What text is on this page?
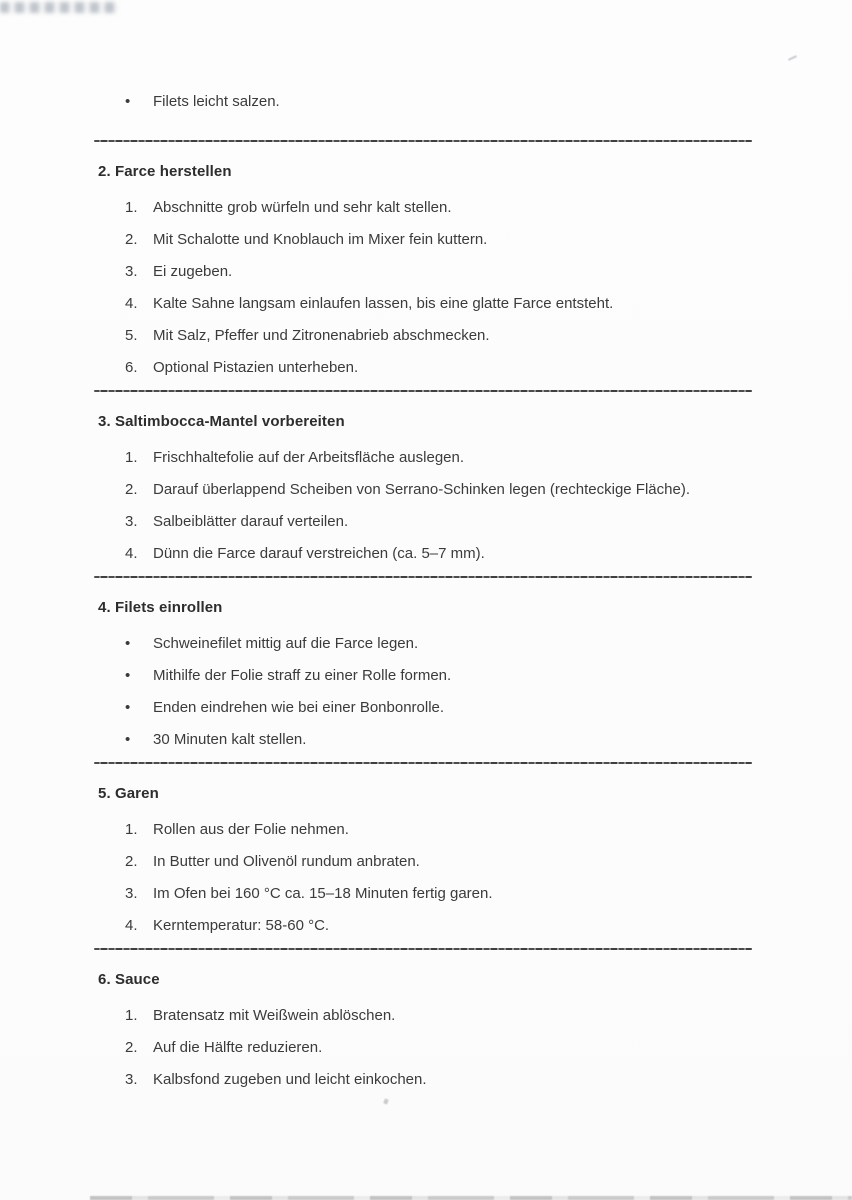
•	Filets leicht salzen.
2. Farce herstellen
1.	Abschnitte grob würfeln und sehr kalt stellen.
2.	Mit Schalotte und Knoblauch im Mixer fein kuttern.
3.	Ei zugeben.
4.	Kalte Sahne langsam einlaufen lassen, bis eine glatte Farce entsteht.
5.	Mit Salz, Pfeffer und Zitronenabrieb abschmecken.
6.	Optional Pistazien unterheben.
3. Saltimbocca-Mantel vorbereiten
1.	Frischhaltefolie auf der Arbeitsfläche auslegen.
2.	Darauf überlappend Scheiben von Serrano-Schinken legen (rechteckige Fläche).
3.	Salbeiblätter darauf verteilen.
4.	Dünn die Farce darauf verstreichen (ca. 5–7 mm).
4. Filets einrollen
•	Schweinefilet mittig auf die Farce legen.
•	Mithilfe der Folie straff zu einer Rolle formen.
•	Enden eindrehen wie bei einer Bonbonrolle.
•	30 Minuten kalt stellen.
5. Garen
1.	Rollen aus der Folie nehmen.
2.	In Butter und Olivenöl rundum anbraten.
3.	Im Ofen bei 160 °C ca. 15–18 Minuten fertig garen.
4.	Kerntemperatur: 58-60 °C.
6. Sauce
1.	Bratensatz mit Weißwein ablöschen.
2.	Auf die Hälfte reduzieren.
3.	Kalbsfond zugeben und leicht einkochen.
